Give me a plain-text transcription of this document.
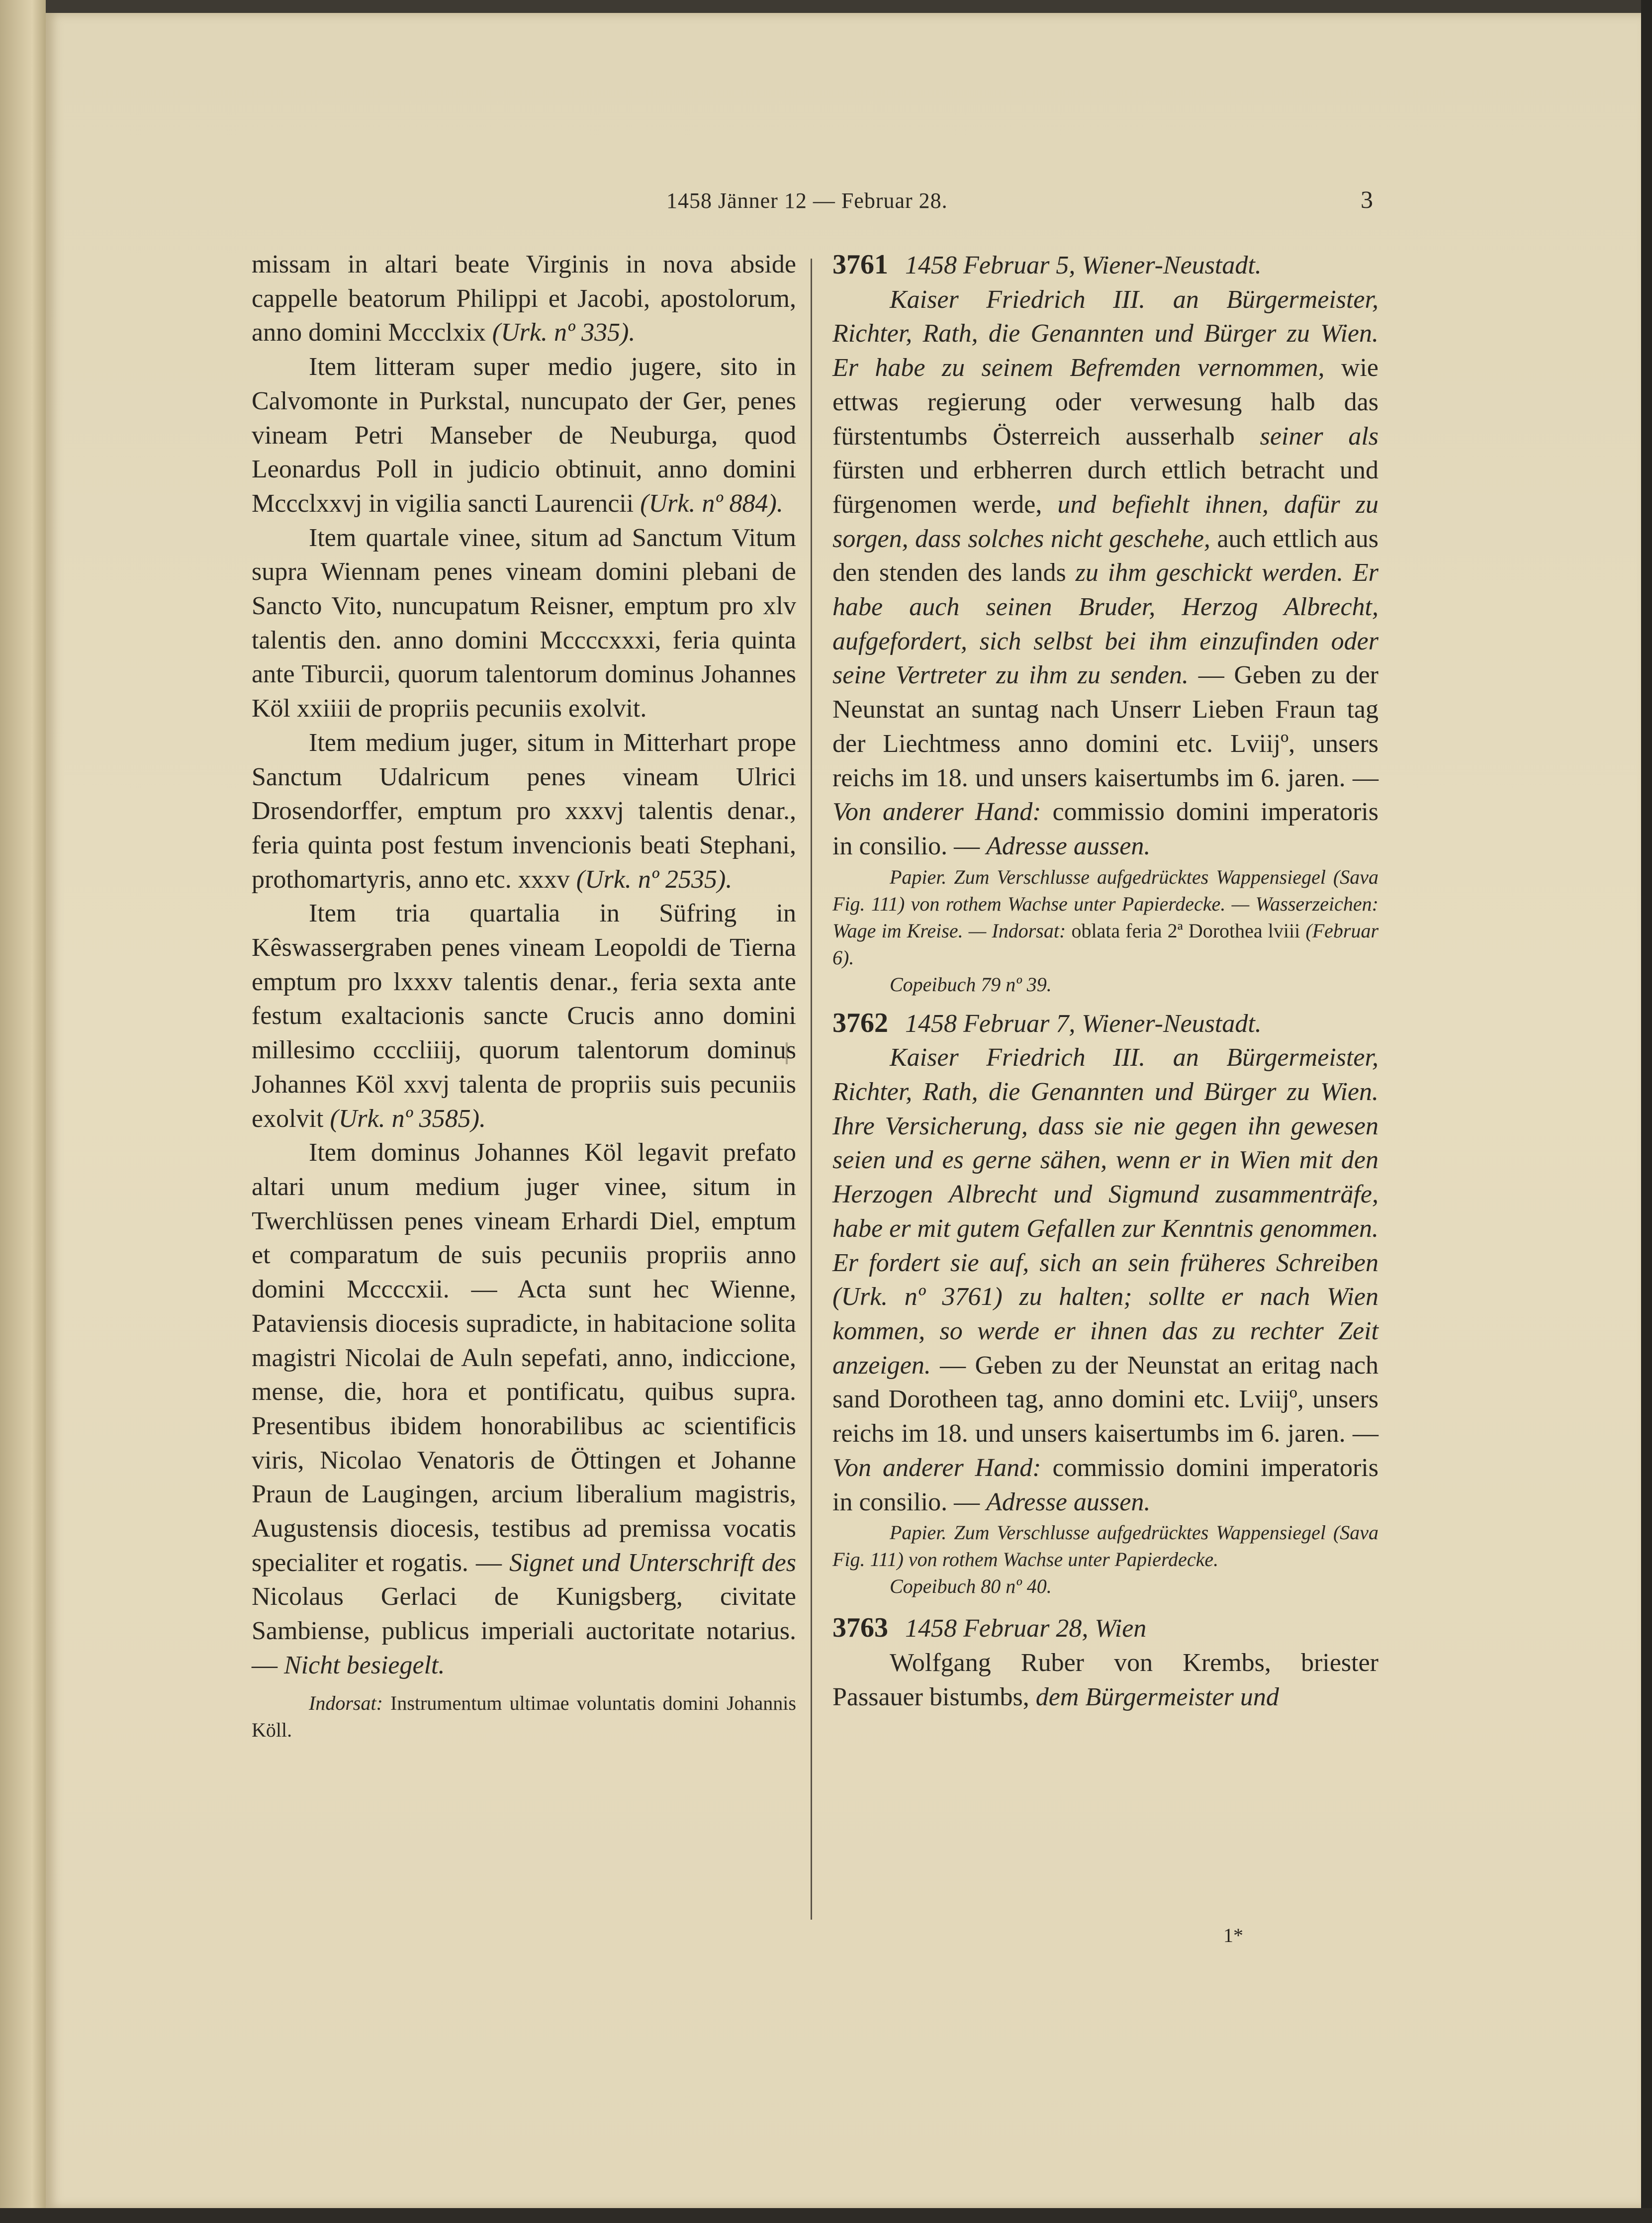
1458 Jänner 12 — Februar 28.	3

missam in altari beate Virginis in nova abside cappelle beatorum Philippi et Jacobi, apostolorum, anno domini Mccclxix (Urk. nº 335).

Item litteram super medio jugere, sito in Calvomonte in Purkstal, nuncupato der Ger, penes vineam Petri Manseber de Neuburga, quod Leonardus Poll in judicio obtinuit, anno domini Mccclxxvj in vigilia sancti Laurencii (Urk. nº 884).

Item quartale vinee, situm ad Sanctum Vitum supra Wiennam penes vineam domini plebani de Sancto Vito, nuncupatum Reisner, emptum pro xlv talentis den. anno domini Mccccxxxi, feria quinta ante Tiburcii, quorum talentorum dominus Johannes Köl xxiiii de propriis pecuniis exolvit.

Item medium juger, situm in Mitterhart prope Sanctum Udalricum penes vineam Ulrici Drosendorffer, emptum pro xxxvj talentis denar., feria quinta post festum invencionis beati Stephani, prothomartyris, anno etc. xxxv (Urk. nº 2535).

Item tria quartalia in Süfring in Kêswassergraben penes vineam Leopoldi de Tierna emptum pro lxxxv talentis denar., feria sexta ante festum exaltacionis sancte Crucis anno domini millesimo ccccliiij, quorum talentorum dominus Johannes Köl xxvj talenta de propriis suis pecuniis exolvit (Urk. nº 3585).

Item dominus Johannes Köl legavit prefato altari unum medium juger vinee, situm in Twerchlüssen penes vineam Erhardi Diel, emptum et comparatum de suis pecuniis propriis anno domini Mccccxii. — Acta sunt hec Wienne, Pataviensis diocesis supradicte, in habitacione solita magistri Nicolai de Auln sepefati, anno, indiccione, mense, die, hora et pontificatu, quibus supra. Presentibus ibidem honorabilibus ac scientificis viris, Nicolao Venatoris de Öttingen et Johanne Praun de Laugingen, arcium liberalium magistris, Augustensis diocesis, testibus ad premissa vocatis specialiter et rogatis. — Signet und Unterschrift des Nicolaus Gerlaci de Kunigsberg, civitate Sambiense, publicus imperiali auctoritate notarius. — Nicht besiegelt.

Indorsat: Instrumentum ultimae voluntatis domini Johannis Köll.

3761 1458 Februar 5, Wiener-Neustadt.

Kaiser Friedrich III. an Bürgermeister, Richter, Rath, die Genannten und Bürger zu Wien. Er habe zu seinem Befremden vernommen, wie ettwas regierung oder verwesung halb das fürstentumbs Österreich ausserhalb seiner als fürsten und erbherren durch ettlich betracht und fürgenomen werde, und befiehlt ihnen, dafür zu sorgen, dass solches nicht geschehe, auch ettlich aus den stenden des lands zu ihm geschickt werden. Er habe auch seinen Bruder, Herzog Albrecht, aufgefordert, sich selbst bei ihm einzufinden oder seine Vertreter zu ihm zu senden. — Geben zu der Neunstat an suntag nach Unserr Lieben Fraun tag der Liechtmess anno domini etc. Lviijº, unsers reichs im 18. und unsers kaisertumbs im 6. jaren. — Von anderer Hand: commissio domini imperatoris in consilio. — Adresse aussen.

Papier. Zum Verschlusse aufgedrücktes Wappensiegel (Sava Fig. 111) von rothem Wachse unter Papierdecke. — Wasserzeichen: Wage im Kreise. — Indorsat: oblata feria 2ª Dorothea lviii (Februar 6).

Copeibuch 79 nº 39.

3762 1458 Februar 7, Wiener-Neustadt.

Kaiser Friedrich III. an Bürgermeister, Richter, Rath, die Genannten und Bürger zu Wien. Ihre Versicherung, dass sie nie gegen ihn gewesen seien und es gerne sähen, wenn er in Wien mit den Herzogen Albrecht und Sigmund zusammenträfe, habe er mit gutem Gefallen zur Kenntnis genommen. Er fordert sie auf, sich an sein früheres Schreiben (Urk. nº 3761) zu halten; sollte er nach Wien kommen, so werde er ihnen das zu rechter Zeit anzeigen. — Geben zu der Neunstat an eritag nach sand Dorotheen tag, anno domini etc. Lviijº, unsers reichs im 18. und unsers kaisertumbs im 6. jaren. — Von anderer Hand: commissio domini imperatoris in consilio. — Adresse aussen.

Papier. Zum Verschlusse aufgedrücktes Wappensiegel (Sava Fig. 111) von rothem Wachse unter Papierdecke.

Copeibuch 80 nº 40.

3763 1458 Februar 28, Wien

Wolfgang Ruber von Krembs, briester Passauer bistumbs, dem Bürgermeister und

1*
